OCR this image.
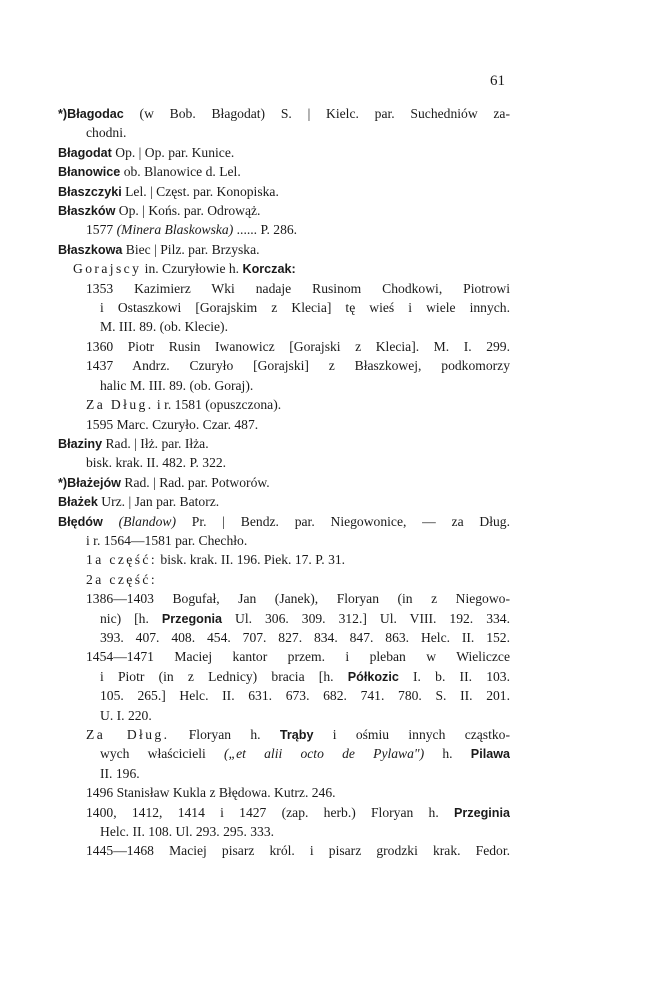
61
*)Błagodac (w Bob. Błagodat) S. | Kielc. par. Suchedniów za-
chodni.
Błagodat Op. | Op. par. Kunice.
Błanowice ob. Blanowice d. Lel.
Błaszczyki Lel. | Częst. par. Konopiska.
Błaszków Op. | Końs. par. Odrowąż.
1577 (Minera Blaskowska) ...... P. 286.
Błaszkowa Biec | Pilz. par. Brzyska.
Gorajscy in. Czuryłowie h. Korczak:
1353 Kazimierz Wki nadaje Rusinom Chodkowi, Piotrowi
i Ostaszkowi [Gorajskim z Klecia] tę wieś i wiele innych.
M. III. 89. (ob. Klecie).
1360 Piotr Rusin Iwanowicz [Gorajski z Klecia]. M. I. 299.
1437 Andrz. Czuryło [Gorajski] z Błaszkowej, podkomorzy
halic M. III. 89. (ob. Goraj).
Za Dług. i r. 1581 (opuszczona).
1595 Marc. Czuryło. Czar. 487.
Błaziny Rad. | Iłż. par. Iłża.
bisk. krak. II. 482. P. 322.
*)Błażejów Rad. | Rad. par. Potworów.
Błażek Urz. | Jan par. Batorz.
Błędów (Blandow) Pr. | Bendz. par. Niegowonice, — za Dług.
i r. 1564—1581 par. Chechło.
1a część: bisk. krak. II. 196. Piek. 17. P. 31.
2a część:
1386—1403 Bogufał, Jan (Janek), Floryan (in z Niegowo-
nic) [h. Przegonia Ul. 306. 309. 312.] Ul. VIII. 192. 334.
393. 407. 408. 454. 707. 827. 834. 847. 863. Helc. II. 152.
1454—1471 Maciej kantor przem. i pleban w Wieliczce
i Piotr (in z Lednicy) bracia [h. Półkozic I. b. II. 103.
105. 265.] Helc. II. 631. 673. 682. 741. 780. S. II. 201.
U. I. 220.
Za Dług. Floryan h. Trąby i ośmiu innych cząstko-
wych właścicieli („et alii octo de Pylawa") h. Pilawa
II. 196.
1496 Stanisław Kukla z Błędowa. Kutrz. 246.
1400, 1412, 1414 i 1427 (zap. herb.) Floryan h. Przeginia
Helc. II. 108. Ul. 293. 295. 333.
1445—1468 Maciej pisarz król. i pisarz grodzki krak. Fedor.
